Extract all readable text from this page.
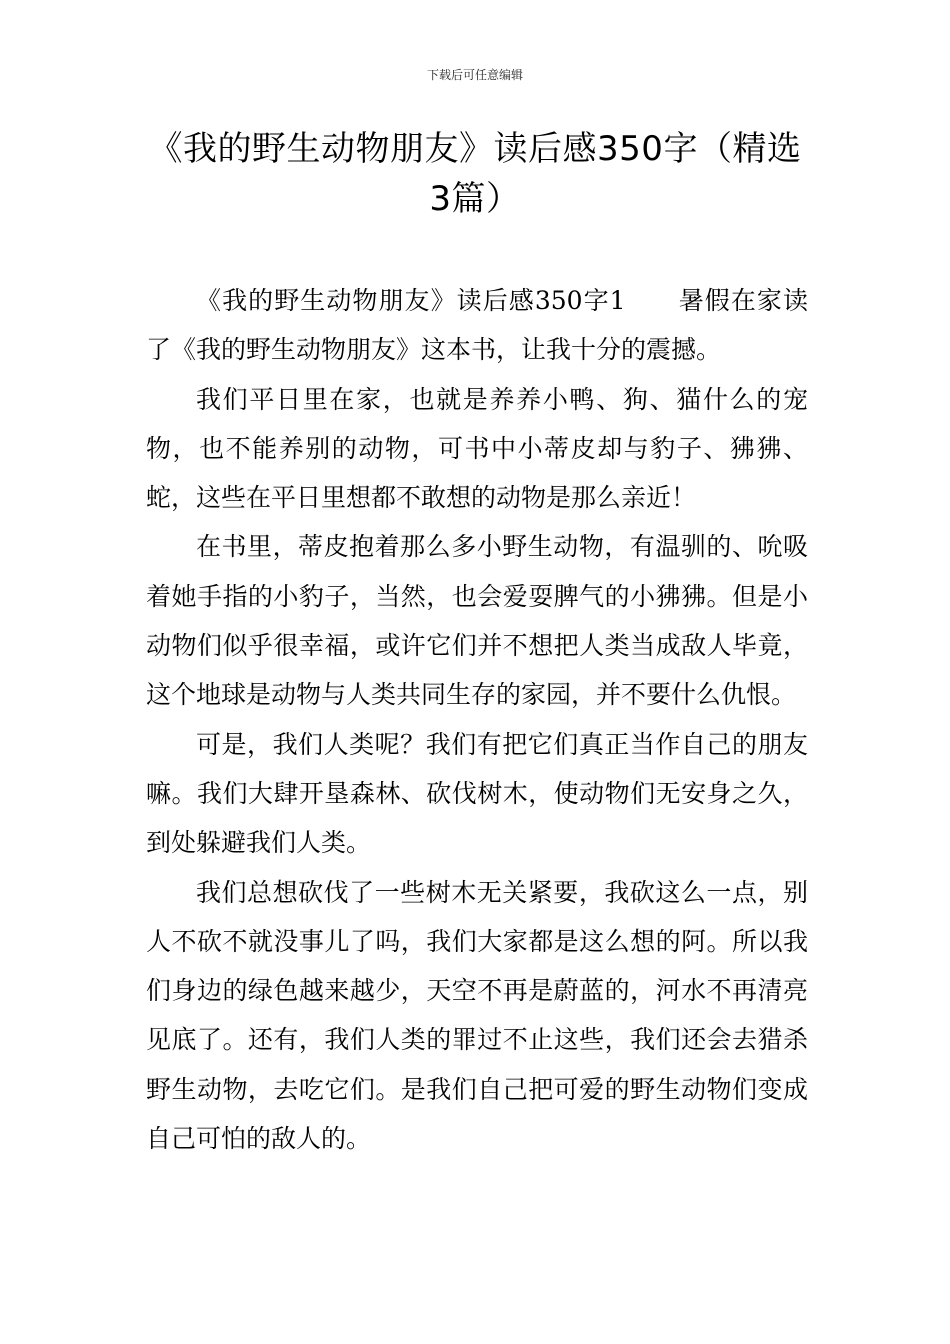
下载后可任意编辑
《我的野生动物朋友》读后感350字（精选3篇）

《我的野生动物朋友》读后感350字1　　暑假在家读了《我的野生动物朋友》这本书，让我十分的震撼。

我们平日里在家，也就是养养小鸭、狗、猫什么的宠物，也不能养别的动物，可书中小蒂皮却与豹子、狒狒、蛇，这些在平日里想都不敢想的动物是那么亲近！

在书里，蒂皮抱着那么多小野生动物，有温驯的、吮吸着她手指的小豹子，当然，也会爱耍脾气的小狒狒。但是小动物们似乎很幸福，或许它们并不想把人类当成敌人毕竟，这个地球是动物与人类共同生存的家园，并不要什么仇恨。

可是，我们人类呢？我们有把它们真正当作自己的朋友嘛。我们大肆开垦森林、砍伐树木，使动物们无安身之久，到处躲避我们人类。

我们总想砍伐了一些树木无关紧要，我砍这么一点，别人不砍不就没事儿了吗，我们大家都是这么想的阿。所以我们身边的绿色越来越少，天空不再是蔚蓝的，河水不再清亮见底了。还有，我们人类的罪过不止这些，我们还会去猎杀野生动物，去吃它们。是我们自己把可爱的野生动物们变成自己可怕的敌人的。
